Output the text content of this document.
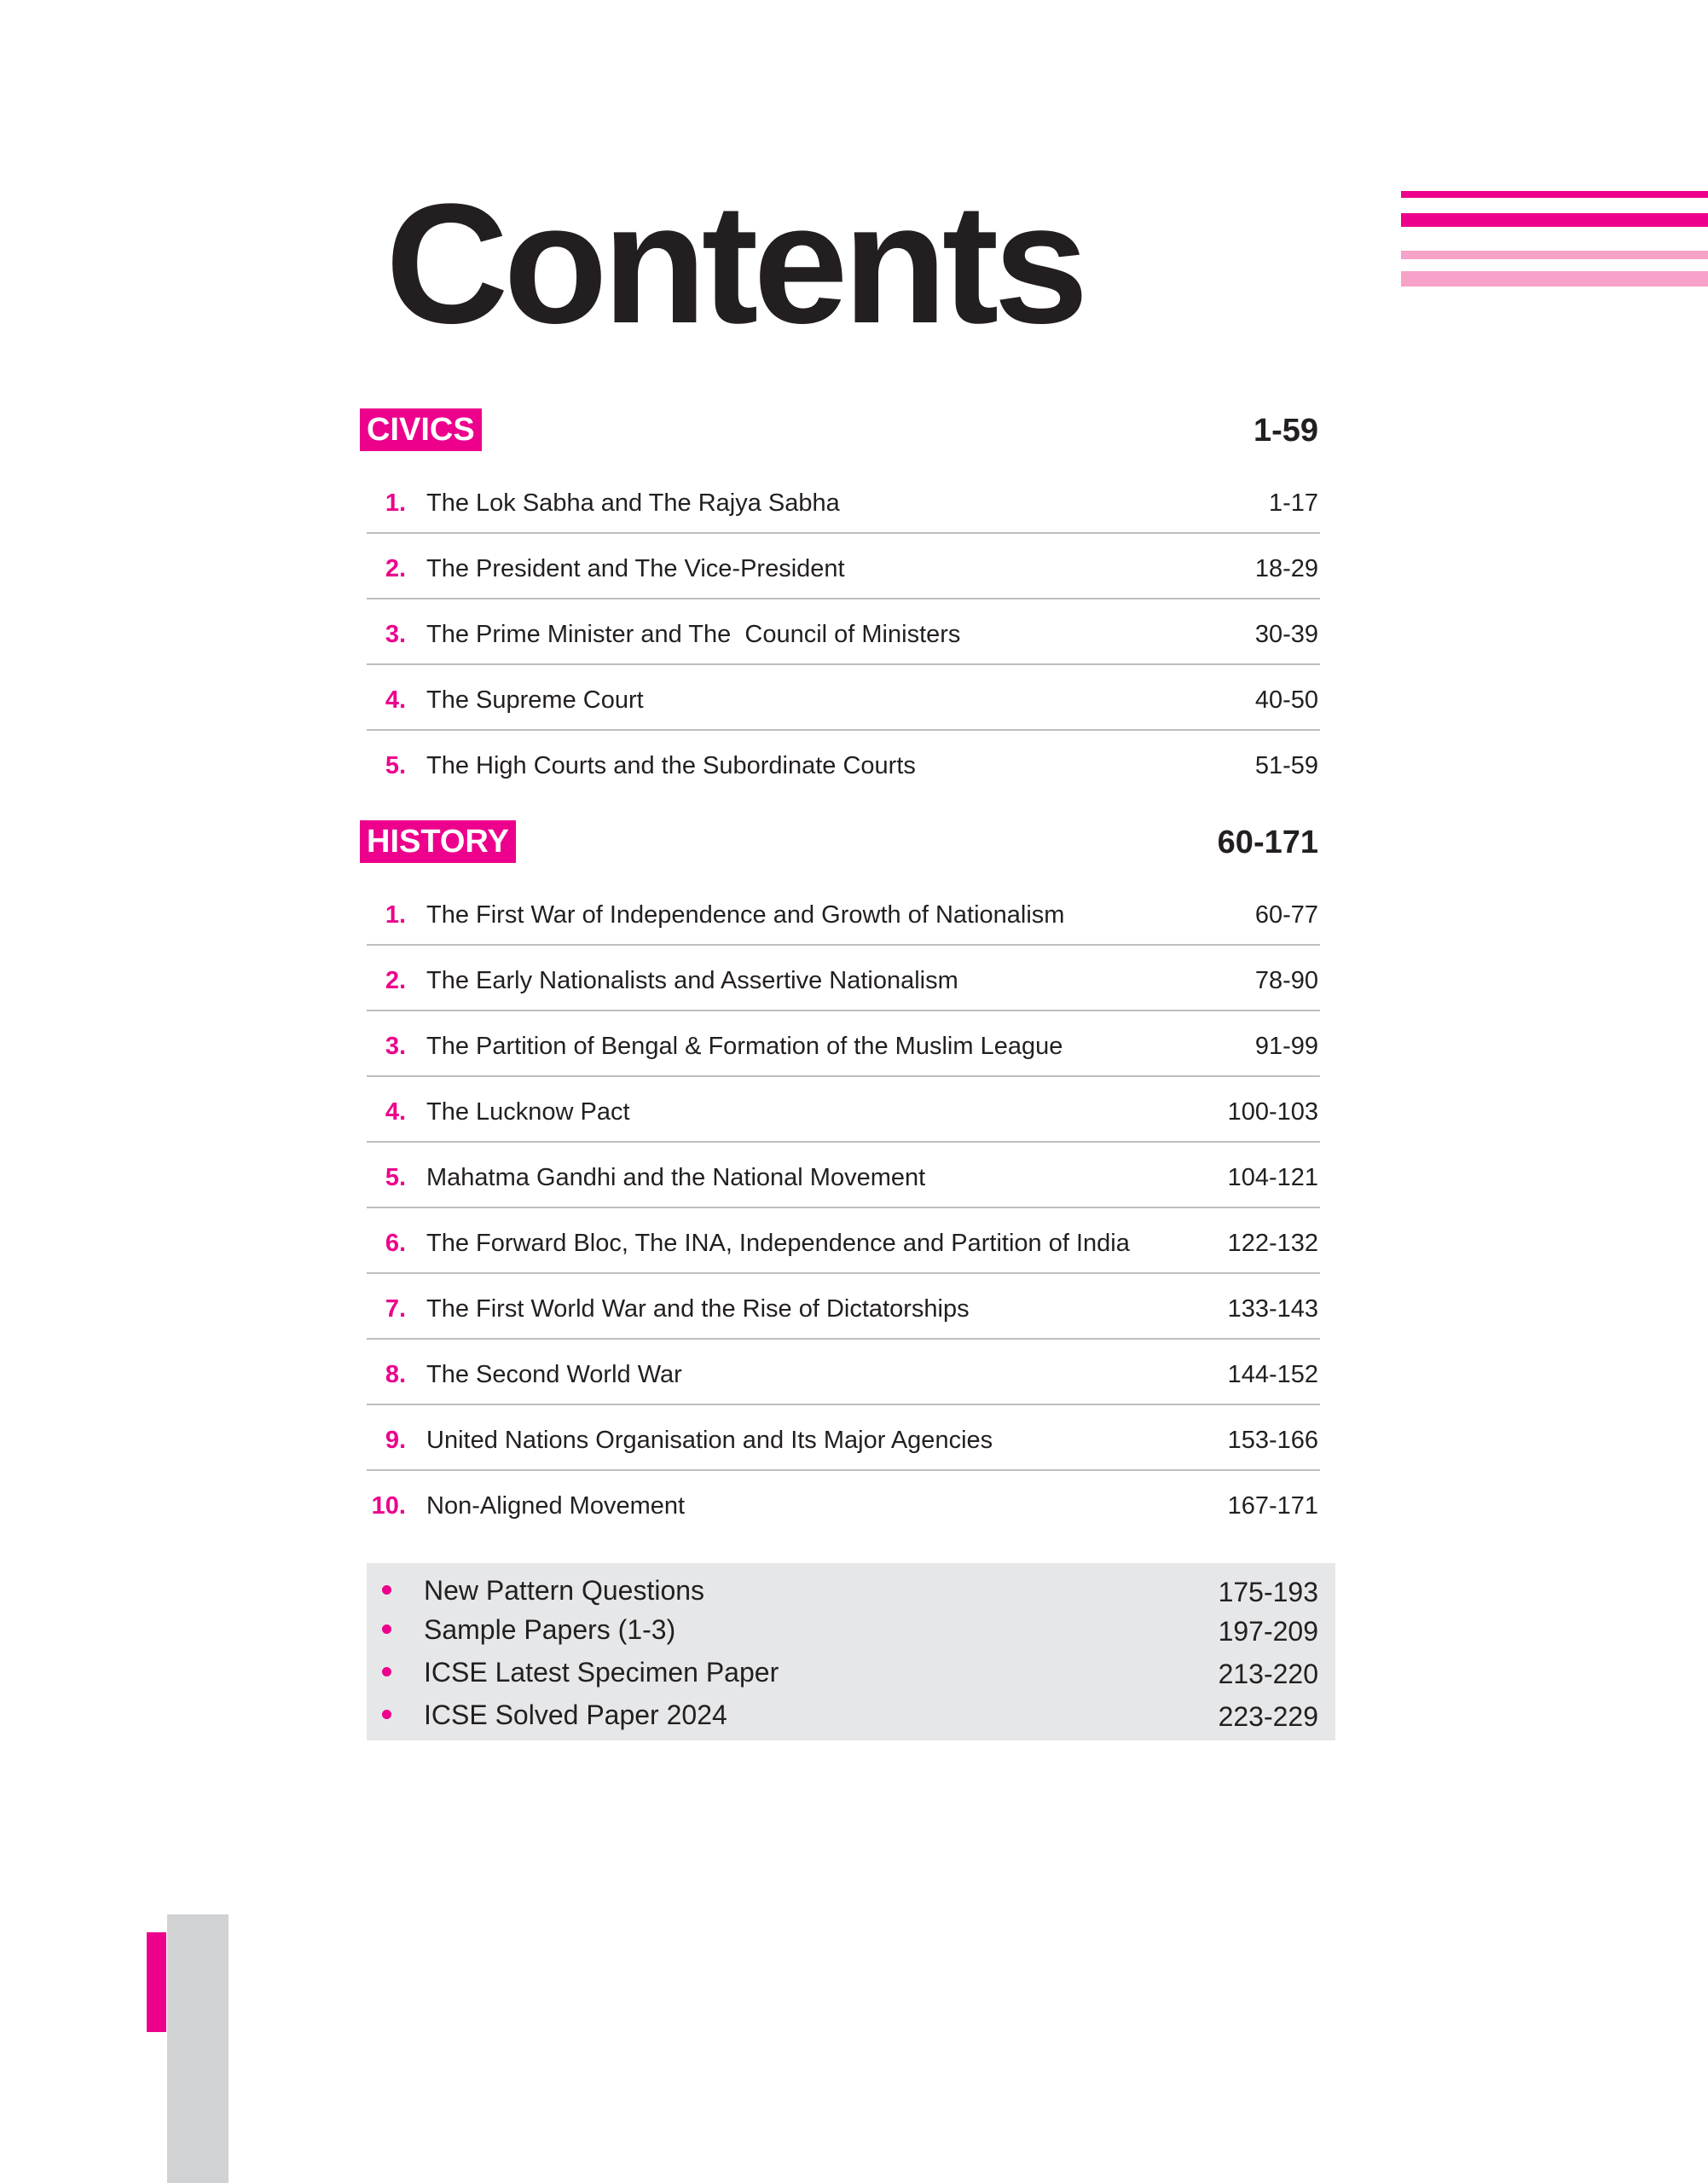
Contents
CIVICS	1-59
1. The Lok Sabha and The Rajya Sabha	1-17
2. The President and The Vice-President	18-29
3. The Prime Minister and The  Council of Ministers	30-39
4. The Supreme Court	40-50
5. The High Courts and the Subordinate Courts	51-59
HISTORY	60-171
1. The First War of Independence and Growth of Nationalism	60-77
2. The Early Nationalists and Assertive Nationalism	78-90
3. The Partition of Bengal & Formation of the Muslim League	91-99
4. The Lucknow Pact	100-103
5. Mahatma Gandhi and the National Movement	104-121
6. The Forward Bloc, The INA, Independence and Partition of India	122-132
7. The First World War and the Rise of Dictatorships	133-143
8. The Second World War	144-152
9. United Nations Organisation and Its Major Agencies	153-166
10. Non-Aligned Movement	167-171
New Pattern Questions	175-193
Sample Papers (1-3)	197-209
ICSE Latest Specimen Paper	213-220
ICSE Solved Paper 2024	223-229
